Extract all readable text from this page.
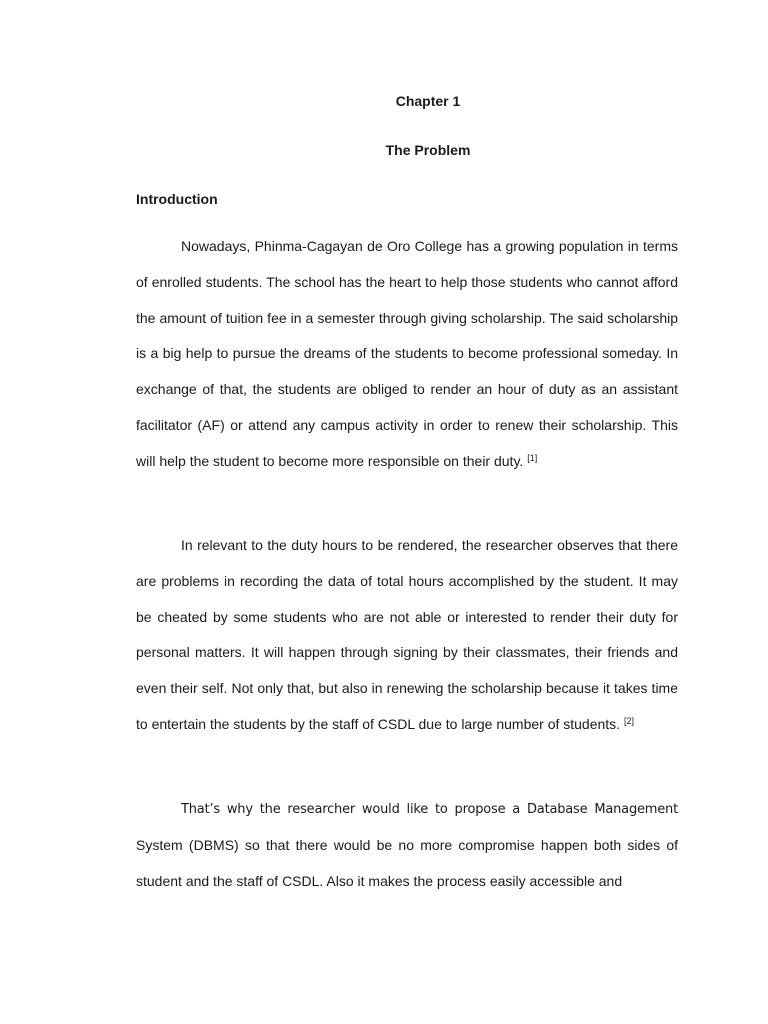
Chapter 1
The Problem
Introduction

Nowadays, Phinma-Cagayan de Oro College has a growing population in terms of enrolled students. The school has the heart to help those students who cannot afford the amount of tuition fee in a semester through giving scholarship. The said scholarship is a big help to pursue the dreams of the students to become professional someday. In exchange of that, the students are obliged to render an hour of duty as an assistant facilitator (AF) or attend any campus activity in order to renew their scholarship. This will help the student to become more responsible on their duty. [1]

In relevant to the duty hours to be rendered, the researcher observes that there are problems in recording the data of total hours accomplished by the student. It may be cheated by some students who are not able or interested to render their duty for personal matters. It will happen through signing by their classmates, their friends and even their self. Not only that, but also in renewing the scholarship because it takes time to entertain the students by the staff of CSDL due to large number of students. [2]

That’s why the researcher would like to propose a Database Management System (DBMS) so that there would be no more compromise happen both sides of student and the staff of CSDL. Also it makes the process easily accessible and
